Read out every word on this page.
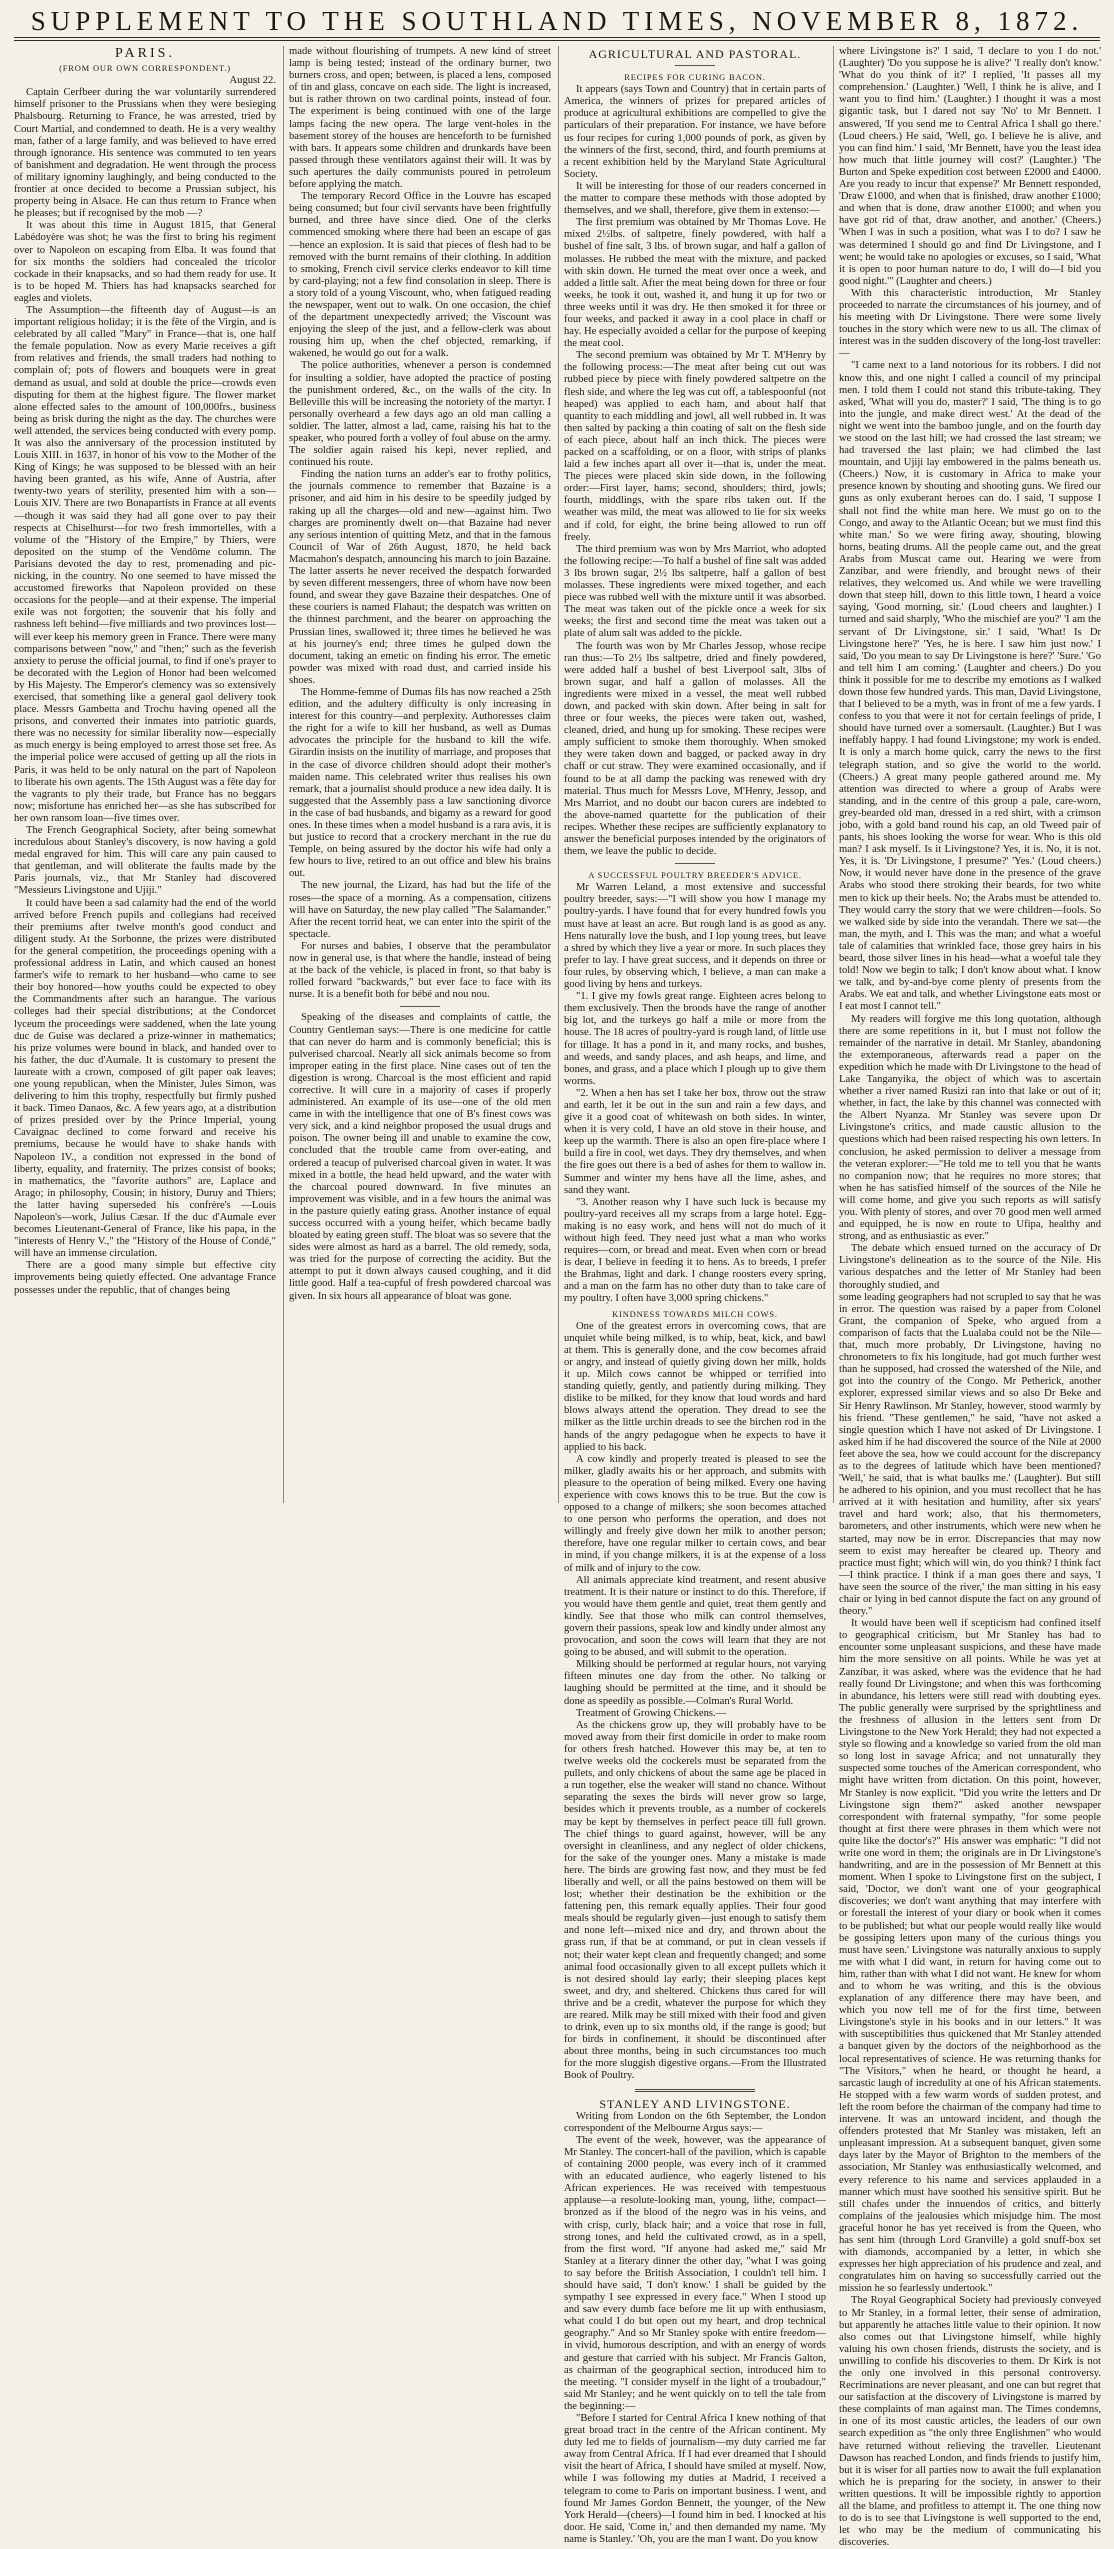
SUPPLEMENT TO THE SOUTHLAND TIMES, NOVEMBER 8, 1872.
PARIS.
(FROM OUR OWN CORRESPONDENT.)
August 22.

Captain Cerfbeer during the war voluntarily surrendered himself prisoner to the Prussians when they were besieging Phalsbourg. Returning to France, he was arrested, tried by Court Martial, and condemned to death. He is a very wealthy man, father of a large family, and was believed to have erred through ignorance. His sentence was commuted to ten years of banishment and degradation. He went through the process of military ignominy laughingly, and being conducted to the frontier at once decided to become a Prussian subject, his property being in Alsace. He can thus return to France when he pleases; but if recognised by the mob —?

It was about this time in August 1815, that General Labédoyère was shot; he was the first to bring his regiment over to Napoleon on escaping from Elba. It was found that for six months the soldiers had concealed the tricolor cockade in their knapsacks, and so had them ready for use. It is to be hoped M. Thiers has had knapsacks searched for eagles and violets.

The Assumption—the fifteenth day of August—is an important religious holiday; it is the fête of the Virgin, and is celebrated by all called "Mary" in France—that is, one half the female population. Now as every Marie receives a gift from relatives and friends, the small traders had nothing to complain of; pots of flowers and bouquets were in great demand as usual, and sold at double the price—crowds even disputing for them at the highest figure. The flower market alone effected sales to the amount of 100,000frs., business being as brisk during the night as the day. The churches were well attended, the services being conducted with every pomp. It was also the anniversary of the procession instituted by Louis XIII. in 1637, in honor of his vow to the Mother of the King of Kings; he was supposed to be blessed with an heir having been granted, as his wife, Anne of Austria, after twenty-two years of sterility, presented him with a son—Louis XIV. There are two Bonapartists in France at all events—though it was said they had all gone over to pay their respects at Chiselhurst—for two fresh immortelles, with a volume of the "History of the Empire," by Thiers, were deposited on the stump of the Vendôme column. The Parisians devoted the day to rest, promenading and pic-nicking, in the country. No one seemed to have missed the accustomed fireworks that Napoleon provided on these occasions for the people—and at their expense. The imperial exile was not forgotten; the souvenir that his folly and rashness left behind—five milliards and two provinces lost—will ever keep his memory green in France. There were many comparisons between "now," and "then;" such as the feverish anxiety to peruse the official journal, to find if one's prayer to be decorated with the Legion of Honor had been welcomed by His Majesty. The Emperor's clemency was so extensively exercised, that something like a general gaol delivery took place. Messrs Gambetta and Trochu having opened all the prisons, and converted their inmates into patriotic guards, there was no necessity for similar liberality now—especially as much energy is being employed to arrest those set free. As the imperial police were accused of getting up all the riots in Paris, it was held to be only natural on the part of Napoleon to liberate his own agents. The 15th August was a fête day for the vagrants to ply their trade, but France has no beggars now; misfortune has enriched her—as she has subscribed for her own ransom loan—five times over.

The French Geographical Society, after being somewhat incredulous about Stanley's discovery, is now having a gold medal engraved for him. This will care any pain caused to that gentleman, and will obliterate the faults made by the Paris journals, viz., that Mr Stanley had discovered "Messieurs Livingstone and Ujiji."

It could have been a sad calamity had the end of the world arrived before French pupils and collegians had received their premiums after twelve month's good conduct and diligent study. At the Sorbonne, the prizes were distributed for the general competition, the proceedings opening with a professional address in Latin, and which caused an honest farmer's wife to remark to her husband—who came to see their boy honored—how youths could be expected to obey the Commandments after such an harangue. The various colleges had their special distributions; at the Condorcet lyceum the proceedings were saddened, when the late young duc de Guise was declared a prize-winner in mathematics; his prize volumes were bound in black, and handed over to his father, the duc d'Aumale. It is customary to present the laureate with a crown, composed of gilt paper oak leaves; one young republican, when the Minister, Jules Simon, was delivering to him this trophy, respectfully but firmly pushed it back. Timeo Danaos, &c. A few years ago, at a distribution of prizes presided over by the Prince Imperial, young Cavaignac declined to come forward and receive his premiums, because he would have to shake hands with Napoleon IV., a condition not expressed in the bond of liberty, equality, and fraternity. The prizes consist of books; in mathematics, the "favorite authors" are, Laplace and Arago; in philosophy, Cousin; in history, Duruy and Thiers; the latter having superseded his confrère's —Louis Napoleon's—work, Julius Cæsar. If the duc d'Aumale ever becomes Lieutenant-General of France, like his papa, in the "interests of Henry V.," the "History of the House of Condé," will have an immense circulation.

There are a good many simple but effective city improvements being quietly effected. One advantage France possesses under the republic, that of changes being

made without flourishing of trumpets. A new kind of street lamp is being tested; instead of the ordinary burner, two burners cross, and open; between, is placed a lens, composed of tin and glass, concave on each side. The light is increased, but is rather thrown on two cardinal points, instead of four. The experiment is being continued with one of the large lamps facing the new opera. The large vent-holes in the basement storey of the houses are henceforth to be furnished with bars. It appears some children and drunkards have been passed through these ventilators against their will. It was by such apertures the daily communists poured in petroleum before applying the match.

The temporary Record Office in the Louvre has escaped being consumed; but four civil servants have been frightfully burned, and three have since died. One of the clerks commenced smoking where there had been an escape of gas—hence an explosion. It is said that pieces of flesh had to be removed with the burnt remains of their clothing. In addition to smoking, French civil service clerks endeavor to kill time by card-playing; not a few find consolation in sleep. There is a story told of a young Viscount, who, when fatigued reading the newspaper, went out to walk. On one occasion, the chief of the department unexpectedly arrived; the Viscount was enjoying the sleep of the just, and a fellow-clerk was about rousing him up, when the chef objected, remarking, if wakened, he would go out for a walk.

The police authorities, whenever a person is condemned for insulting a soldier, have adopted the practice of posting the punishment ordered, &c., on the walls of the city. In Belleville this will be increasing the notoriety of the martyr. I personally overheard a few days ago an old man calling a soldier. The latter, almost a lad, came, raising his hat to the speaker, who poured forth a volley of foul abuse on the army. The soldier again raised his kepi, never replied, and continued his route.

Finding the nation turns an adder's ear to frothy politics, the journals commence to remember that Bazaine is a prisoner, and aid him in his desire to be speedily judged by raking up all the charges—old and new—against him. Two charges are prominently dwelt on—that Bazaine had never any serious intention of quitting Metz, and that in the famous Council of War of 26th August, 1870, he held back Macmahon's despatch, announcing his march to join Bazaine. The latter asserts he never received the despatch forwarded by seven different messengers, three of whom have now been found, and swear they gave Bazaine their despatches. One of these couriers is named Flahaut; the despatch was written on the thinnest parchment, and the bearer on approaching the Prussian lines, swallowed it; three times he believed he was at his journey's end; three times he gulped down the document, taking an emetic on finding his error. The emetic powder was mixed with road dust, and carried inside his shoes.

The Homme-femme of Dumas fils has now reached a 25th edition, and the adultery difficulty is only increasing in interest for this country—and perplexity. Authoresses claim the right for a wife to kill her husband, as well as Dumas advocates the principle for the husband to kill the wife. Girardin insists on the inutility of marriage, and proposes that in the case of divorce children should adopt their mother's maiden name. This celebrated writer thus realises his own remark, that a journalist should produce a new idea daily. It is suggested that the Assembly pass a law sanctioning divorce in the case of bad husbands, and bigamy as a reward for good ones. In these times when a model husband is a rara avis, it is but justice to record that a crockery merchant in the rue du Temple, on being assured by the doctor his wife had only a few hours to live, retired to an out office and blew his brains out.

The new journal, the Lizard, has had but the life of the roses—the space of a morning. As a compensation, citizens will have on Saturday, the new play called "The Salamander." After the recent torrid heat, we can enter into the spirit of the spectacle.

For nurses and babies, I observe that the perambulator now in general use, is that where the handle, instead of being at the back of the vehicle, is placed in front, so that baby is rolled forward "backwards," but ever face to face with its nurse. It is a benefit both for bébé and nou nou.

Speaking of the diseases and complaints of cattle, the Country Gentleman says:—There is one medicine for cattle that can never do harm and is commonly beneficial; this is pulverised charcoal. Nearly all sick animals become so from improper eating in the first place. Nine cases out of ten the digestion is wrong. Charcoal is the most efficient and rapid corrective. It will cure in a majority of cases if properly administered. An example of its use—one of the old men came in with the intelligence that one of B's finest cows was very sick, and a kind neighbor proposed the usual drugs and poison. The owner being ill and unable to examine the cow, concluded that the trouble came from over-eating, and ordered a teacup of pulverised charcoal given in water. It was mixed in a bottle, the head held upward, and the water with the charcoal poured downward. In five minutes an improvement was visible, and in a few hours the animal was in the pasture quietly eating grass. Another instance of equal success occurred with a young heifer, which became badly bloated by eating green stuff. The bloat was so severe that the sides were almost as hard as a barrel. The old remedy, soda, was tried for the purpose of correcting the acidity. But the attempt to put it down always caused coughing, and it did little good. Half a tea-cupful of fresh powdered charcoal was given. In six hours all appearance of bloat was gone.

AGRICULTURAL AND PASTORAL.
RECIPES FOR CURING BACON.

It appears (says Town and Country) that in certain parts of America, the winners of prizes for prepared articles of produce at agricultural exhibitions are compelled to give the particulars of their preparation. For instance, we have before us four recipes for curing 1,000 pounds of pork, as given by the winners of the first, second, third, and fourth premiums at a recent exhibition held by the Maryland State Agricultural Society.

It will be interesting for those of our readers concerned in the matter to compare these methods with those adopted by themselves, and we shall, therefore, give them in extenso:—

The first premium was obtained by Mr Thomas Love. He mixed 2½lbs. of saltpetre, finely powdered, with half a bushel of fine salt, 3 lbs. of brown sugar, and half a gallon of molasses. He rubbed the meat with the mixture, and packed with skin down. He turned the meat over once a week, and added a little salt. After the meat being down for three or four weeks, he took it out, washed it, and hung it up for two or three weeks until it was dry. He then smoked it for three or four weeks, and packed it away in a cool place in chaff or hay. He especially avoided a cellar for the purpose of keeping the meat cool.

The second premium was obtained by Mr T. M'Henry by the following process:—The meat after being cut out was rubbed piece by piece with finely powdered saltpetre on the flesh side, and where the leg was cut off, a tablespoonful (not heaped) was applied to each ham, and about half that quantity to each middling and jowl, all well rubbed in. It was then salted by packing a thin coating of salt on the flesh side of each piece, about half an inch thick. The pieces were packed on a scaffolding, or on a floor, with strips of planks laid a few inches apart all over it—that is, under the meat. The pieces were placed skin side down, in the following order:—First layer, hams; second, shoulders; third, jowls; fourth, middlings, with the spare ribs taken out. If the weather was mild, the meat was allowed to lie for six weeks and if cold, for eight, the brine being allowed to run off freely.

The third premium was won by Mrs Marriot, who adopted the following recipe:—To half a bushel of fine salt was added 3 lbs brown sugar, 2½ lbs saltpetre, half a gallon of best molasses. These ingredients were mixed together, and each piece was rubbed well with the mixture until it was absorbed. The meat was taken out of the pickle once a week for six weeks; the first and second time the meat was taken out a plate of alum salt was added to the pickle.

The fourth was won by Mr Charles Jessop, whose recipe ran thus:—To 2½ lbs saltpetre, dried and finely powdered, were added half a bushel of best Liverpool salt, 3lbs of brown sugar, and half a gallon of molasses. All the ingredients were mixed in a vessel, the meat well rubbed down, and packed with skin down. After being in salt for three or four weeks, the pieces were taken out, washed, cleaned, dried, and hung up for smoking. These recipes were amply sufficient to smoke them thoroughly. When smoked they were taken down and bagged, or packed away in dry chaff or cut straw. They were examined occasionally, and if found to be at all damp the packing was renewed with dry material. Thus much for Messrs Love, M'Henry, Jessop, and Mrs Marriot, and no doubt our bacon curers are indebted to the above-named quartette for the publication of their recipes. Whether these recipes are sufficiently explanatory to answer the beneficial purposes intended by the originators of them, we leave the public to decide.

A SUCCESSFUL POULTRY BREEDER'S ADVICE.

Mr Warren Leland, a most extensive and successful poultry breeder, says:—"I will show you how I manage my poultry-yards. I have found that for every hundred fowls you must have at least an acre. But rough land is as good as any. Hens naturally love the bush, and I lop young trees, but leave a shred by which they live a year or more. In such places they prefer to lay. I have great success, and it depends on three or four rules, by observing which, I believe, a man can make a good living by hens and turkeys.

"1. I give my fowls great range. Eighteen acres belong to them exclusively. Then the broods have the range of another big lot, and the turkeys go half a mile or more from the house. The 18 acres of poultry-yard is rough land, of little use for tillage. It has a pond in it, and many rocks, and bushes, and weeds, and sandy places, and ash heaps, and lime, and bones, and grass, and a place which I plough up to give them worms.

"2. When a hen has set I take her box, throw out the straw and earth, let it be out in the sun and rain a few days, and give it a good coat of whitewash on both sides. In winter, when it is very cold, I have an old stove in their house, and keep up the warmth. There is also an open fire-place where I build a fire in cool, wet days. They dry themselves, and when the fire goes out there is a bed of ashes for them to wallow in. Summer and winter my hens have all the lime, ashes, and sand they want.

"3. Another reason why I have such luck is because my poultry-yard receives all my scraps from a large hotel. Egg-making is no easy work, and hens will not do much of it without high feed. They need just what a man who works requires—corn, or bread and meat. Even when corn or bread is dear, I believe in feeding it to hens. As to breeds, I prefer the Brahmas, light and dark. I change roosters every spring, and a man on the farm has no other duty than to take care of my poultry. I often have 3,000 spring chickens."

KINDNESS TOWARDS MILCH COWS.

One of the greatest errors in overcoming cows, that are unquiet while being milked, is to whip, beat, kick, and bawl at them. This is generally done, and the cow becomes afraid or angry, and instead of quietly giving down her milk, holds it up. Milch cows cannot be whipped or terrified into standing quietly, gently, and patiently during milking. They dislike to be milked, for they know that loud words and hard blows always attend the operation. They dread to see the milker as the little urchin dreads to see the birchen rod in the hands of the angry pedagogue when he expects to have it applied to his back.

A cow kindly and properly treated is pleased to see the milker, gladly awaits his or her approach, and submits with pleasure to the operation of being milked. Every one having experience with cows knows this to be true. But the cow is opposed to a change of milkers; she soon becomes attached to one person who performs the operation, and does not willingly and freely give down her milk to another person; therefore, have one regular milker to certain cows, and bear in mind, if you change milkers, it is at the expense of a loss of milk and of injury to the cow.

All animals appreciate kind treatment, and resent abusive treatment. It is their nature or instinct to do this. Therefore, if you would have them gentle and quiet, treat them gently and kindly. See that those who milk can control themselves, govern their passions, speak low and kindly under almost any provocation, and soon the cows will learn that they are not going to be abused, and will submit to the operation.

Milking should be performed at regular hours, not varying fifteen minutes one day from the other. No talking or laughing should be permitted at the time, and it should be done as speedily as possible.—Colman's Rural World.

Treatment of Growing Chickens.—

As the chickens grow up, they will probably have to be moved away from their first domicile in order to make room for others fresh hatched. However this may be, at ten to twelve weeks old the cockerels must be separated from the pullets, and only chickens of about the same age be placed in a run together, else the weaker will stand no chance. Without separating the sexes the birds will never grow so large, besides which it prevents trouble, as a number of cockerels may be kept by themselves in perfect peace till full grown. The chief things to guard against, however, will be any oversight in cleanliness, and any neglect of older chickens, for the sake of the younger ones. Many a mistake is made here. The birds are growing fast now, and they must be fed liberally and well, or all the pains bestowed on them will be lost; whether their destination be the exhibition or the fattening pen, this remark equally applies. Their four good meals should be regularly given—just enough to satisfy them and none left—mixed nice and dry, and thrown about the grass run, if that be at command, or put in clean vessels if not; their water kept clean and frequently changed; and some animal food occasionally given to all except pullets which it is not desired should lay early; their sleeping places kept sweet, and dry, and sheltered. Chickens thus cared for will thrive and be a credit, whatever the purpose for which they are reared. Milk may be still mixed with their food and given to drink, even up to six months old, if the range is good; but for birds in confinement, it should be discontinued after about three months, being in such circumstances too much for the more sluggish digestive organs.—From the Illustrated Book of Poultry.

STANLEY AND LIVINGSTONE.

Writing from London on the 6th September, the London correspondent of the Melbourne Argus says:—

The event of the week, however, was the appearance of Mr Stanley. The concert-hall of the pavilion, which is capable of containing 2000 people, was every inch of it crammed with an educated audience, who eagerly listened to his African experiences. He was received with tempestuous applause—a resolute-looking man, young, lithe, compact—bronzed as if the blood of the negro was in his veins, and with crisp, curly, black hair; and a voice that rose in full, strong tones, and held the cultivated crowd, as in a spell, from the first word. "If anyone had asked me," said Mr Stanley at a literary dinner the other day, "what I was going to say before the British Association, I couldn't tell him. I should have said, 'I don't know.' I shall be guided by the sympathy I see expressed in every face." When I stood up and saw every dumb face before me lit up with enthusiasm, what could I do but open out my heart, and drop technical geography." And so Mr Stanley spoke with entire freedom—in vivid, humorous description, and with an energy of words and gesture that carried with his subject. Mr Francis Galton, as chairman of the geographical section, introduced him to the meeting. "I consider myself in the light of a troubadour," said Mr Stanley; and he went quickly on to tell the tale from the beginning:—

"Before I started for Central Africa I knew nothing of that great broad tract in the centre of the African continent. My duty led me to fields of journalism—my duty carried me far away from Central Africa. If I had ever dreamed that I should visit the heart of Africa, I should have smiled at myself. Now, while I was following my duties at Madrid, I received a telegram to come to Paris on important business. I went, and found Mr James Gordon Bennett, the younger, of the New York Herald—(cheers)—I found him in bed. I knocked at his door. He said, 'Come in,' and then demanded my name. 'My name is Stanley.' 'Oh, you are the man I want. Do you know

where Livingstone is?' I said, 'I declare to you I do not.' (Laughter) 'Do you suppose he is alive?' 'I really don't know.' 'What do you think of it?' I replied, 'It passes all my comprehension.' (Laughter.) 'Well, I think he is alive, and I want you to find him.' (Laughter.) I thought it was a most gigantic task, but I dared not say 'No' to Mr Bennett. I answered, 'If you send me to Central Africa I shall go there.' (Loud cheers.) He said, 'Well, go. I believe he is alive, and you can find him.' I said, 'Mr Bennett, have you the least idea how much that little journey will cost?' (Laughter.) 'The Burton and Speke expedition cost between £2000 and £4000. Are you ready to incur that expense?' Mr Bennett responded, 'Draw £1000, and when that is finished, draw another £1000; and when that is done, draw another £1000; and when you have got rid of that, draw another, and another.' (Cheers.) 'When I was in such a position, what was I to do? I saw he was determined I should go and find Dr Livingstone, and I went; he would take no apologies or excuses, so I said, 'What it is open to poor human nature to do, I will do—I bid you good night.'" (Laughter and cheers.)

With this characteristic introduction, Mr Stanley proceeded to narrate the circumstances of his journey, and of his meeting with Dr Livingstone. There were some lively touches in the story which were new to us all. The climax of interest was in the sudden discovery of the long-lost traveller:—

"I came next to a land notorious for its robbers. I did not know this, and one night I called a council of my principal men. I told them I could not stand this tribute-taking. They asked, 'What will you do, master?' I said, 'The thing is to go into the jungle, and make direct west.' At the dead of the night we went into the bamboo jungle, and on the fourth day we stood on the last hill; we had crossed the last stream; we had traversed the last plain; we had climbed the last mountain, and Ujiji lay embowered in the palms beneath us. (Cheers.) Now, it is customary in Africa to make your presence known by shouting and shooting guns. We fired our guns as only exuberant heroes can do. I said, 'I suppose I shall not find the white man here. We must go on to the Congo, and away to the Atlantic Ocean; but we must find this white man.' So we were firing away, shouting, blowing horns, beating drums. All the people came out, and the great Arabs from Muscat came out. Hearing we were from Zanzibar, and were friendly, and brought news of their relatives, they welcomed us. And while we were travelling down that steep hill, down to this little town, I heard a voice saying, 'Good morning, sir.' (Loud cheers and laughter.) I turned and said sharply, 'Who the mischief are you?' 'I am the servant of Dr Livingstone, sir.' I said, 'What! Is Dr Livingstone here?' 'Yes, he is here. I saw him just now.' I said, 'Do you mean to say Dr Livingstone is here?' 'Sure.' 'Go and tell him I am coming.' (Laughter and cheers.) Do you think it possible for me to describe my emotions as I walked down those few hundred yards. This man, David Livingstone, that I believed to be a myth, was in front of me a few yards. I confess to you that were it not for certain feelings of pride, I should have turned over a somersault. (Laughter.) But I was ineffably happy. I had found Livingstone; my work is ended. It is only a march home quick, carry the news to the first telegraph station, and so give the world to the world. (Cheers.) A great many people gathered around me. My attention was directed to where a group of Arabs were standing, and in the centre of this group a pale, care-worn, grey-bearded old man, dressed in a red shirt, with a crimson jobo, with a gold band round his cap, an old Tweed pair of pants, his shoes looking the worse for wear. Who is this old man? I ask myself. Is it Livingstone? Yes, it is. No, it is not. Yes, it is. 'Dr Livingstone, I presume?' 'Yes.' (Loud cheers.) Now, it would never have done in the presence of the grave Arabs who stood there stroking their beards, for two white men to kick up their heels. No; the Arabs must be attended to. They would carry the story that we were children—fools. So we walked side by side into the verandah. There we sat—the man, the myth, and I. This was the man; and what a woeful tale of calamities that wrinkled face, those grey hairs in his beard, those silver lines in his head—what a woeful tale they told! Now we begin to talk; I don't know about what. I know we talk, and by-and-bye come plenty of presents from the Arabs. We eat and talk, and whether Livingstone eats most or I eat most I cannot tell."

My readers will forgive me this long quotation, although there are some repetitions in it, but I must not follow the remainder of the narrative in detail. Mr Stanley, abandoning the extemporaneous, afterwards read a paper on the expedition which he made with Dr Livingstone to the head of Lake Tanganyika, the object of which was to ascertain whether a river named Rusizi ran into that lake or out of it; whether, in fact, the lake by this channel was connected with the Albert Nyanza. Mr Stanley was severe upon Dr Livingstone's critics, and made caustic allusion to the questions which had been raised respecting his own letters. In conclusion, he asked permission to deliver a message from the veteran explorer:—"He told me to tell you that he wants no companion now; that he requires no more stores; that when he has satisfied himself of the sources of the Nile he will come home, and give you such reports as will satisfy you. With plenty of stores, and over 70 good men well armed and equipped, he is now en route to Ufipa, healthy and strong, and as enthusiastic as ever."

The debate which ensued turned on the accuracy of Dr Livingstone's delineation as to the source of the Nile. His various despatches and the letter of Mr Stanley had been thoroughly studied, and

some leading geographers had not scrupled to say that he was in error. The question was raised by a paper from Colonel Grant, the companion of Speke, who argued from a comparison of facts that the Lualaba could not be the Nile—that, much more probably, Dr Livingstone, having no chronometers to fix his longitude, had got much further west than he supposed, had crossed the watershed of the Nile, and got into the country of the Congo. Mr Petherick, another explorer, expressed similar views and so also Dr Beke and Sir Henry Rawlinson. Mr Stanley, however, stood warmly by his friend. "These gentlemen," he said, "have not asked a single question which I have not asked of Dr Livingstone. I asked him if he had discovered the source of the Nile at 2000 feet above the sea, how we could account for the discrepancy as to the degrees of latitude which have been mentioned? 'Well,' he said, that is what baulks me.' (Laughter). But still he adhered to his opinion, and you must recollect that he has arrived at it with hesitation and humility, after six years' travel and hard work; also, that his thermometers, barometers, and other instruments, which were new when he started, may now be in error. Discrepancies that may now seem to exist may hereafter be cleared up. Theory and practice must fight; which will win, do you think? I think fact—I think practice. I think if a man goes there and says, 'I have seen the source of the river,' the man sitting in his easy chair or lying in bed cannot dispute the fact on any ground of theory."

It would have been well if scepticism had confined itself to geographical criticism, but Mr Stanley has had to encounter some unpleasant suspicions, and these have made him the more sensitive on all points. While he was yet at Zanzibar, it was asked, where was the evidence that he had really found Dr Livingstone; and when this was forthcoming in abundance, his letters were still read with doubting eyes. The public generally were surprised by the sprightliness and the freshness of allusion in the letters sent from Dr Livingstone to the New York Herald; they had not expected a style so flowing and a knowledge so varied from the old man so long lost in savage Africa; and not unnaturally they suspected some touches of the American correspondent, who might have written from dictation. On this point, however, Mr Stanley is now explicit. "Did you write the letters and Dr Livingstone sign them?" asked another newspaper correspondent with fraternal sympathy, "for some people thought at first there were phrases in them which were not quite like the doctor's?" His answer was emphatic: "I did not write one word in them; the originals are in Dr Livingstone's handwriting, and are in the possession of Mr Bennett at this moment. When I spoke to Livingstone first on the subject, I said, 'Doctor, we don't want one of your geographical discoveries; we don't want anything that may interfere with or forestall the interest of your diary or book when it comes to be published; but what our people would really like would be gossiping letters upon many of the curious things you must have seen.' Livingstone was naturally anxious to supply me with what I did want, in return for having come out to him, rather than with what I did not want. He knew for whom and to whom he was writing, and this is the obvious explanation of any difference there may have been, and which you now tell me of for the first time, between Livingstone's style in his books and in our letters." It was with susceptibilities thus quickened that Mr Stanley attended a banquet given by the doctors of the neighborhood as the local representatives of science. He was returning thanks for "The Visitors," when he heard, or thought he heard, a sarcastic laugh of incredulity at one of his African statements. He stopped with a few warm words of sudden protest, and left the room before the chairman of the company had time to intervene. It was an untoward incident, and though the offenders protested that Mr Stanley was mistaken, left an unpleasant impression. At a subsequent banquet, given some days later by the Mayor of Brighton to the members of the association, Mr Stanley was enthusiastically welcomed, and every reference to his name and services applauded in a manner which must have soothed his sensitive spirit. But he still chafes under the innuendos of critics, and bitterly complains of the jealousies which misjudge him. The most graceful honor he has yet received is from the Queen, who has sent him (through Lord Granville) a gold snuff-box set with diamonds, accompanied by a letter, in which she expresses her high appreciation of his prudence and zeal, and congratulates him on having so successfully carried out the mission he so fearlessly undertook."

The Royal Geographical Society had previously conveyed to Mr Stanley, in a formal letter, their sense of admiration, but apparently he attaches little value to their opinion. It now also comes out that Livingstone himself, while highly valuing his own chosen friends, distrusts the society, and is unwilling to confide his discoveries to them. Dr Kirk is not the only one involved in this personal controversy. Recriminations are never pleasant, and one can but regret that our satisfaction at the discovery of Livingstone is marred by these complaints of man against man. The Times condemns, in one of its most caustic articles, the leaders of our own search expedition as "the only three Englishmen" who would have returned without relieving the traveller. Lieutenant Dawson has reached London, and finds friends to justify him, but it is wiser for all parties now to await the full explanation which he is preparing for the society, in answer to their written questions. It will be impossible rightly to apportion all the blame, and profitless to attempt it. The one thing now to do is to see that Livingstone is well supported to the end, let who may be the medium of communicating his discoveries.
